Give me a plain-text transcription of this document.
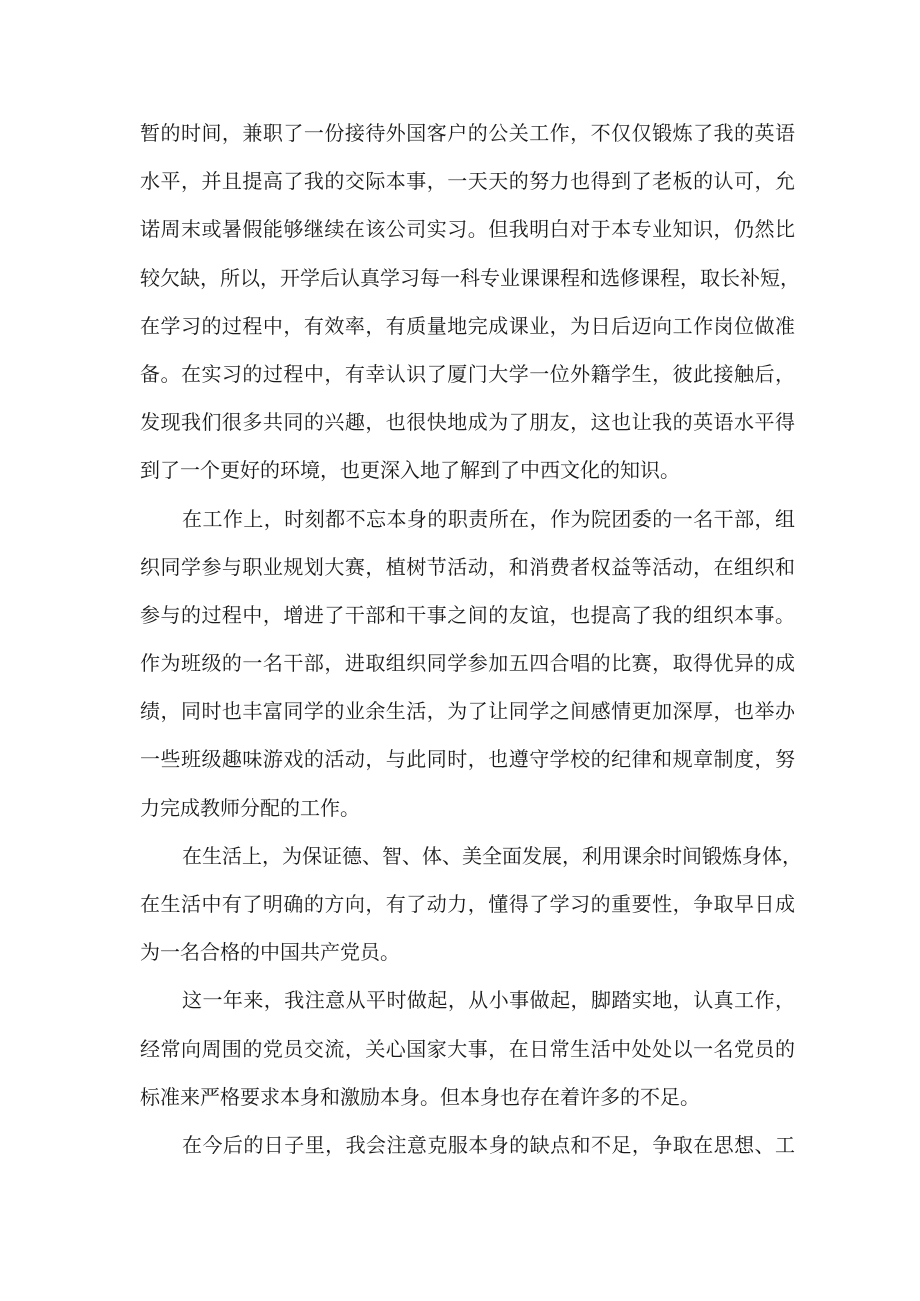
暂的时间，兼职了一份接待外国客户的公关工作，不仅仅锻炼了我的英语
水平，并且提高了我的交际本事，一天天的努力也得到了老板的认可，允
诺周末或暑假能够继续在该公司实习。但我明白对于本专业知识，仍然比
较欠缺，所以，开学后认真学习每一科专业课课程和选修课程，取长补短，
在学习的过程中，有效率，有质量地完成课业，为日后迈向工作岗位做准
备。在实习的过程中，有幸认识了厦门大学一位外籍学生，彼此接触后，
发现我们很多共同的兴趣，也很快地成为了朋友，这也让我的英语水平得
到了一个更好的环境，也更深入地了解到了中西文化的知识。
在工作上，时刻都不忘本身的职责所在，作为院团委的一名干部，组
织同学参与职业规划大赛，植树节活动，和消费者权益等活动，在组织和
参与的过程中，增进了干部和干事之间的友谊，也提高了我的组织本事。
作为班级的一名干部，进取组织同学参加五四合唱的比赛，取得优异的成
绩，同时也丰富同学的业余生活，为了让同学之间感情更加深厚，也举办
一些班级趣味游戏的活动，与此同时，也遵守学校的纪律和规章制度，努
力完成教师分配的工作。
在生活上，为保证德、智、体、美全面发展，利用课余时间锻炼身体，
在生活中有了明确的方向，有了动力，懂得了学习的重要性，争取早日成
为一名合格的中国共产党员。
这一年来，我注意从平时做起，从小事做起，脚踏实地，认真工作，
经常向周围的党员交流，关心国家大事，在日常生活中处处以一名党员的
标准来严格要求本身和激励本身。但本身也存在着许多的不足。
在今后的日子里，我会注意克服本身的缺点和不足，争取在思想、工
